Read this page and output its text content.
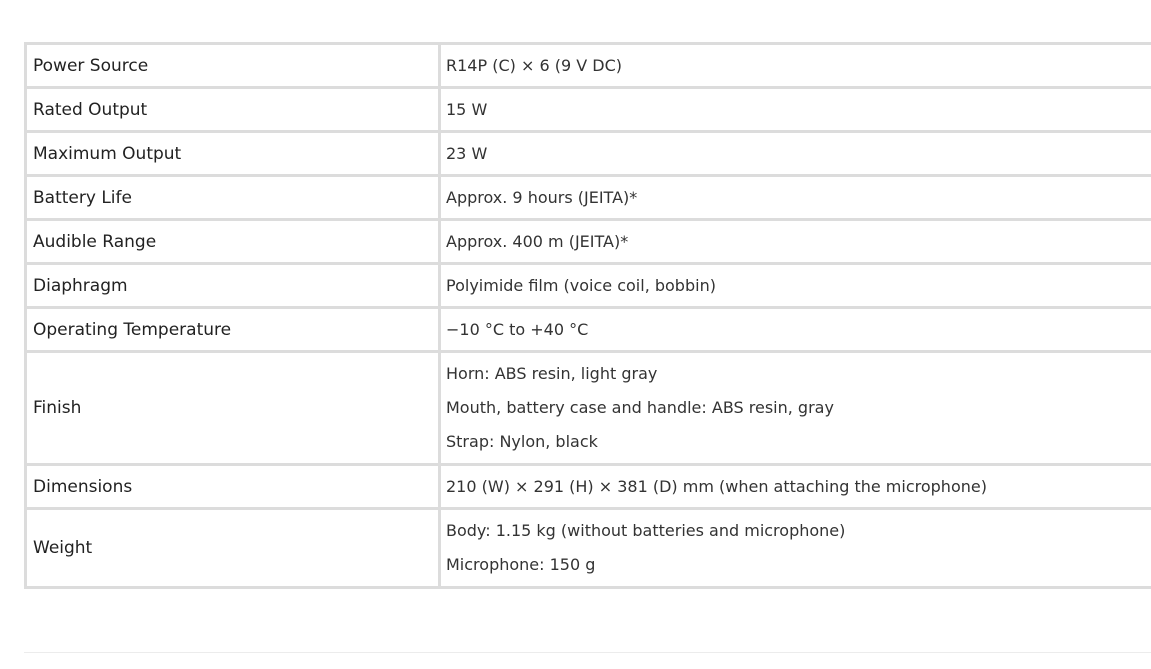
Power Source	R14P (C) × 6 (9 V DC)

Rated Output	15 W

Maximum Output	23 W

Battery Life	Approx. 9 hours (JEITA)*

Audible Range	Approx. 400 m (JEITA)*

Diaphragm	Polyimide film (voice coil, bobbin)

Operating Temperature	−10 °C to +40 °C

Finish	Horn: ABS resin, light gray
Mouth, battery case and handle: ABS resin, gray
Strap: Nylon, black

Dimensions	210 (W) × 291 (H) × 381 (D) mm (when attaching the microphone)

Weight	Body: 1.15 kg (without batteries and microphone)
Microphone: 150 g
